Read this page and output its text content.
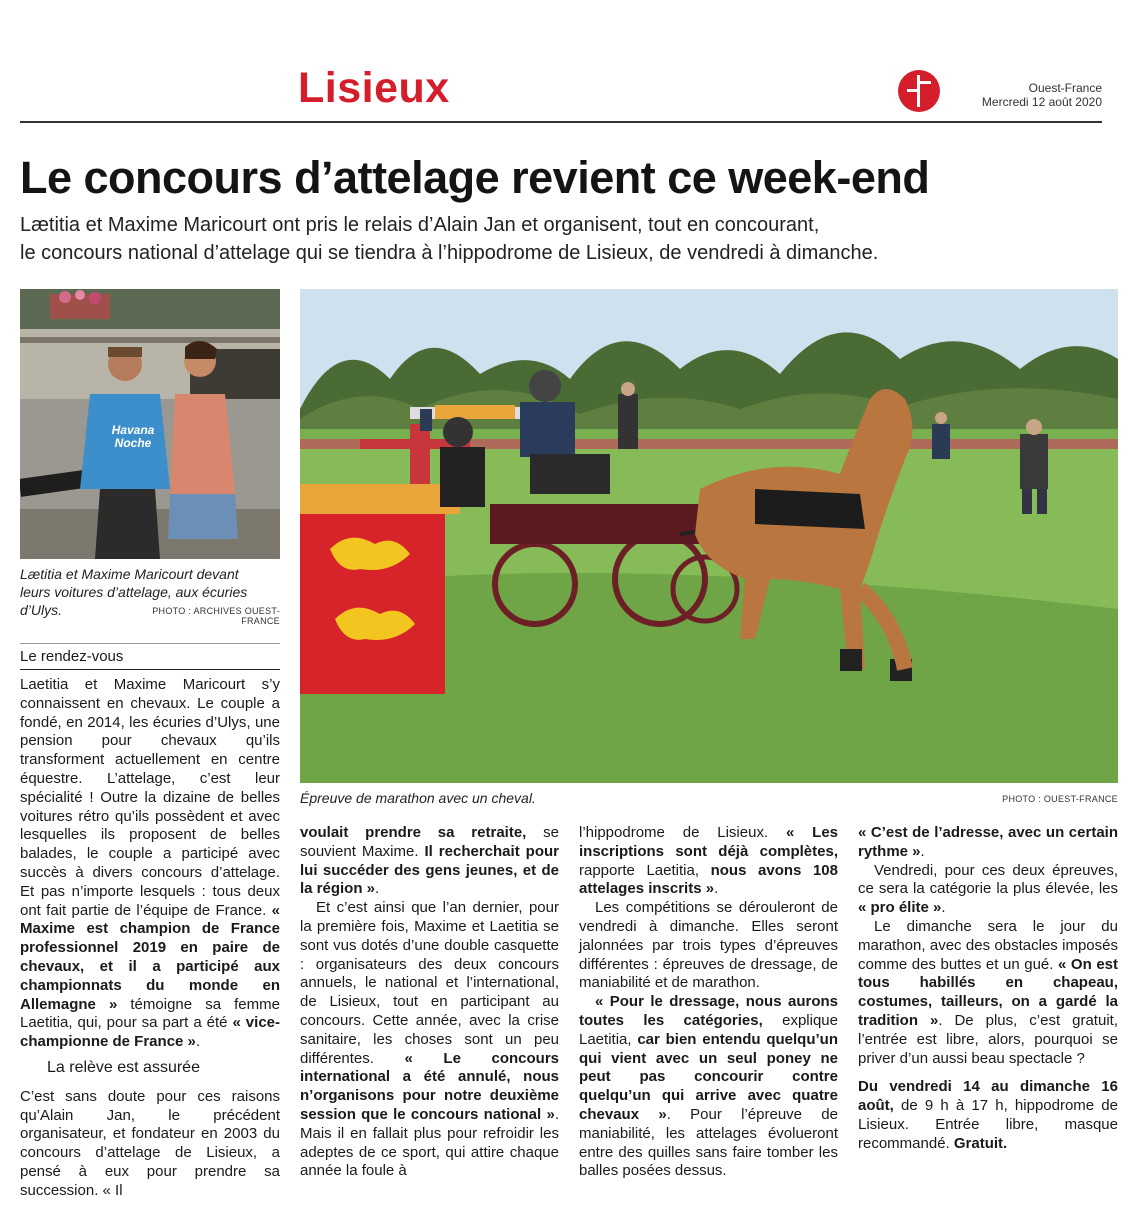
Lisieux	Ouest-France
Mercredi 12 août 2020
Le concours d’attelage revient ce week-end
Lætitia et Maxime Maricourt ont pris le relais d’Alain Jan et organisent, tout en concourant,
le concours national d’attelage qui se tiendra à l’hippodrome de Lisieux, de vendredi à dimanche.
Havana
Noche
Lætitia et Maxime Maricourt devant leurs voitures d’attelage, aux écuries d’Ulys.	PHOTO : ARCHIVES OUEST-FRANCE
Épreuve de marathon avec un cheval.	PHOTO : OUEST-FRANCE
Le rendez-vous

Laetitia et Maxime Maricourt s’y connaissent en chevaux. Le couple a fondé, en 2014, les écuries d’Ulys, une pension pour chevaux qu’ils transforment actuellement en centre équestre. L’attelage, c’est leur spécialité ! Outre la dizaine de belles voitures rétro qu’ils possèdent et avec lesquelles ils proposent de belles balades, le couple a participé avec succès à divers concours d’attelage. Et pas n’importe lesquels : tous deux ont fait partie de l’équipe de France. « Maxime est champion de France professionnel 2019 en paire de chevaux, et il a participé aux championnats du monde en Allemagne » témoigne sa femme Laetitia, qui, pour sa part a été « vice-championne de France ».

La relève est assurée

C’est sans doute pour ces raisons qu’Alain Jan, le précédent organisateur, et fondateur en 2003 du concours d’attelage de Lisieux, a pensé à eux pour prendre sa succession. « Il

voulait prendre sa retraite, se souvient Maxime. Il recherchait pour lui succéder des gens jeunes, et de la région ».

Et c’est ainsi que l’an dernier, pour la première fois, Maxime et Laetitia se sont vus dotés d’une double casquette : organisateurs des deux concours annuels, le national et l’international, de Lisieux, tout en participant au concours. Cette année, avec la crise sanitaire, les choses sont un peu différentes. « Le concours international a été annulé, nous n’organisons pour notre deuxième session que le concours national ». Mais il en fallait plus pour refroidir les adeptes de ce sport, qui attire chaque année la foule à

l’hippodrome de Lisieux. « Les inscriptions sont déjà complètes, rapporte Laetitia, nous avons 108 attelages inscrits ».

Les compétitions se dérouleront de vendredi à dimanche. Elles seront jalonnées par trois types d’épreuves différentes : épreuves de dressage, de maniabilité et de marathon.

« Pour le dressage, nous aurons toutes les catégories, explique Laetitia, car bien entendu quelqu’un qui vient avec un seul poney ne peut pas concourir contre quelqu’un qui arrive avec quatre chevaux ». Pour l’épreuve de maniabilité, les attelages évolueront entre des quilles sans faire tomber les balles posées dessus.

« C’est de l’adresse, avec un certain rythme ».

Vendredi, pour ces deux épreuves, ce sera la catégorie la plus élevée, les « pro élite ».

Le dimanche sera le jour du marathon, avec des obstacles imposés comme des buttes et un gué. « On est tous habillés en chapeau, costumes, tailleurs, on a gardé la tradition ». De plus, c’est gratuit, l’entrée est libre, alors, pourquoi se priver d’un aussi beau spectacle ?

Du vendredi 14 au dimanche 16 août, de 9 h à 17 h, hippodrome de Lisieux. Entrée libre, masque recommandé. Gratuit.
